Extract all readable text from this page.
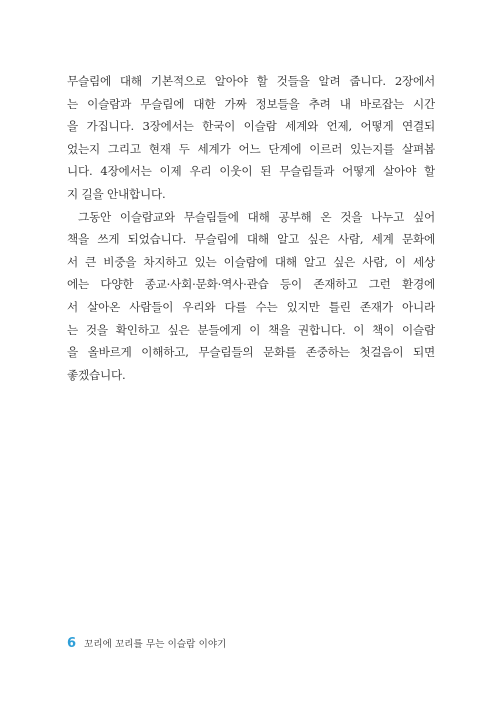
무슬림에 대해 기본적으로 알아야 할 것들을 알려 줍니다. 2장에서
는 이슬람과 무슬림에 대한 가짜 정보들을 추려 내 바로잡는 시간
을 가집니다. 3장에서는 한국이 이슬람 세계와 언제, 어떻게 연결되
었는지 그리고 현재 두 세계가 어느 단계에 이르러 있는지를 살펴봅
니다. 4장에서는 이제 우리 이웃이 된 무슬림들과 어떻게 살아야 할
지 길을 안내합니다.
그동안 이슬람교와 무슬림들에 대해 공부해 온 것을 나누고 싶어
책을 쓰게 되었습니다. 무슬림에 대해 알고 싶은 사람, 세계 문화에
서 큰 비중을 차지하고 있는 이슬람에 대해 알고 싶은 사람, 이 세상
에는 다양한 종교·사회·문화·역사·관습 등이 존재하고 그런 환경에
서 살아온 사람들이 우리와 다를 수는 있지만 틀린 존재가 아니라
는 것을 확인하고 싶은 분들에게 이 책을 권합니다. 이 책이 이슬람
을 올바르게 이해하고, 무슬림들의 문화를 존중하는 첫걸음이 되면
좋겠습니다.
6 꼬리에 꼬리를 무는 이슬람 이야기
